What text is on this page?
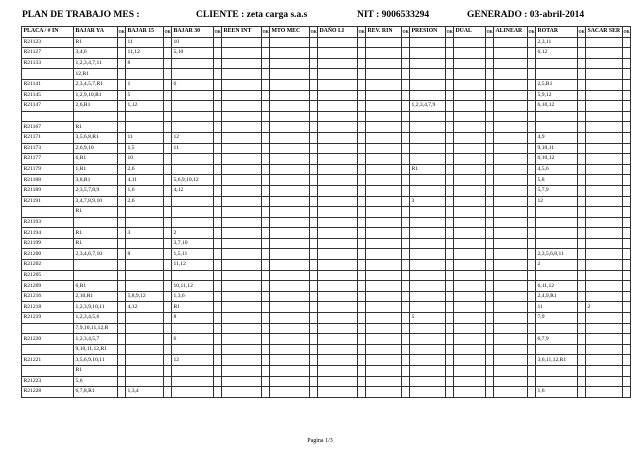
PLAN DE TRABAJO MES :	CLIENTE : zeta carga s.a.s	NIT : 9006533294	GENERADO : 03-abril-2014
PLACA / # IN	BAJAR YA	OK	BAJAR 15	OK	BAJAR 30	OK	REEN INT	OK	MTO MEC	OK	DAÑO LI	OK	REV. RIN	OK	PRESION	OK	DUAL	OK	ALINEAR	OK	ROTAR	OK	SACAR SER	OK
R21123	R1		11		10																2,3,11			
R21127	3,4,6		11,12		5,10																6,12			
R21133	1,2,3,4,7,11		8																					
	12,R1																							
R21141	2,3,4,5,7,R1		1		6																2,5,R1			
R21145	1,2,9,10,R1		5																		5,9,12			
R21147	2,6,R1		1,12												1,2,3,4,7,9						6,10,12			

R21167	R1																							
R21171	3,5,6,8,R1		11		12																4,9			
R21173	2,6,9,10		1,5		11																9,10,11			
R21177	6,R1		10																		6,10,12			
R21179	1,R1		2,6												R1						4,5,6			
R21188	3,8,R1		4,11		5,6,9,10,12																5,8			
R21189	2,3,5,7,8,9		1,6		4,12																5,7,9			
R21191	3,4,7,8,9,10		2,6												3						12			
	R1																							
R21193																								
R21194	R1		3		2																			
R21199	R1				3,7,10																			
R21200	2,3,4,6,7,10		8		1,5,11																2,3,5,6,8,11			
R21202					11,12																2			
R21205																								
R21209	6,R1				10,11,12																6,11,12			
R21216	2,10,R1		5,8,9,12		1,3,6																2,4,9,R1			
R21218	1,2,3,9,10,11		4,12		R1																11		2	
R21219	1,2,3,4,5,6				8										5						7,9			
	7,9,10,11,12,R																							
R21220	1,2,3,4,5,7				6																6,7,9			
	9,10,11,12,R1																							
R21221	3,5,6,9,10,11				12																3,6,11,12,R1			
	R1																							
R21223	5,6																							
R21228	6,7,8,R1		1,3,4																		1,6			
Pagina 1/3
